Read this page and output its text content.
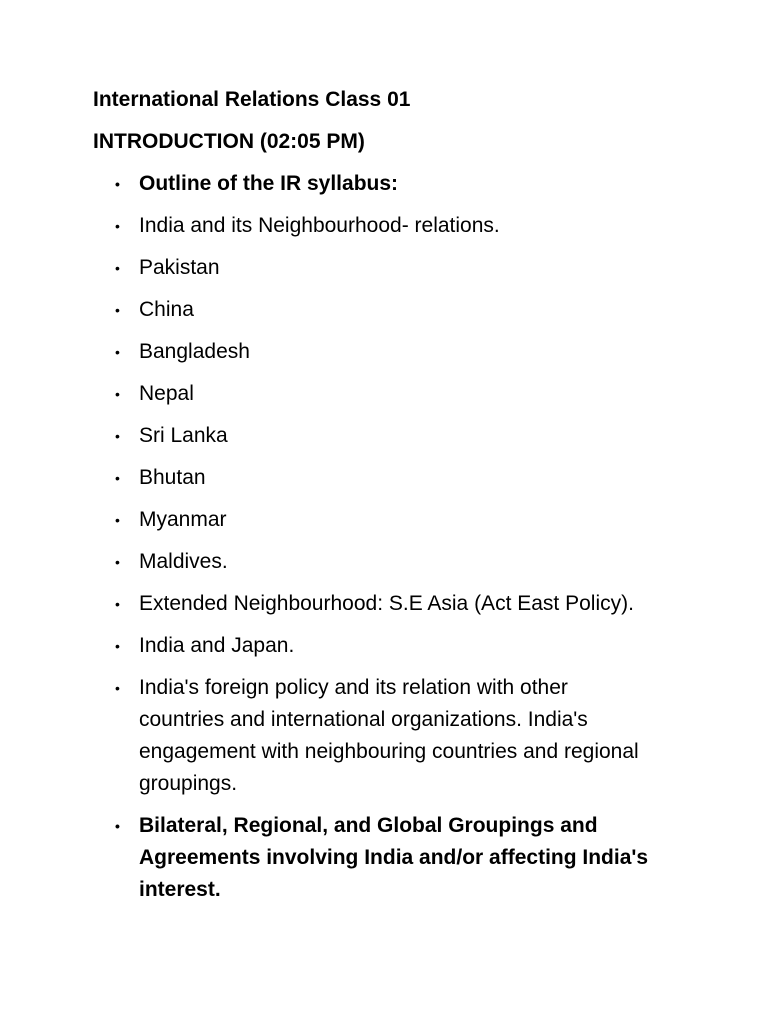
International Relations Class 01
INTRODUCTION (02:05 PM)
• Outline of the IR syllabus:
• India and its Neighbourhood- relations.
• Pakistan
• China
• Bangladesh
• Nepal
• Sri Lanka
• Bhutan
• Myanmar
• Maldives.
• Extended Neighbourhood: S.E Asia (Act East Policy).
• India and Japan.
• India's foreign policy and its relation with other countries and international organizations. India's engagement with neighbouring countries and regional groupings.
• Bilateral, Regional, and Global Groupings and Agreements involving India and/or affecting India's interest.
